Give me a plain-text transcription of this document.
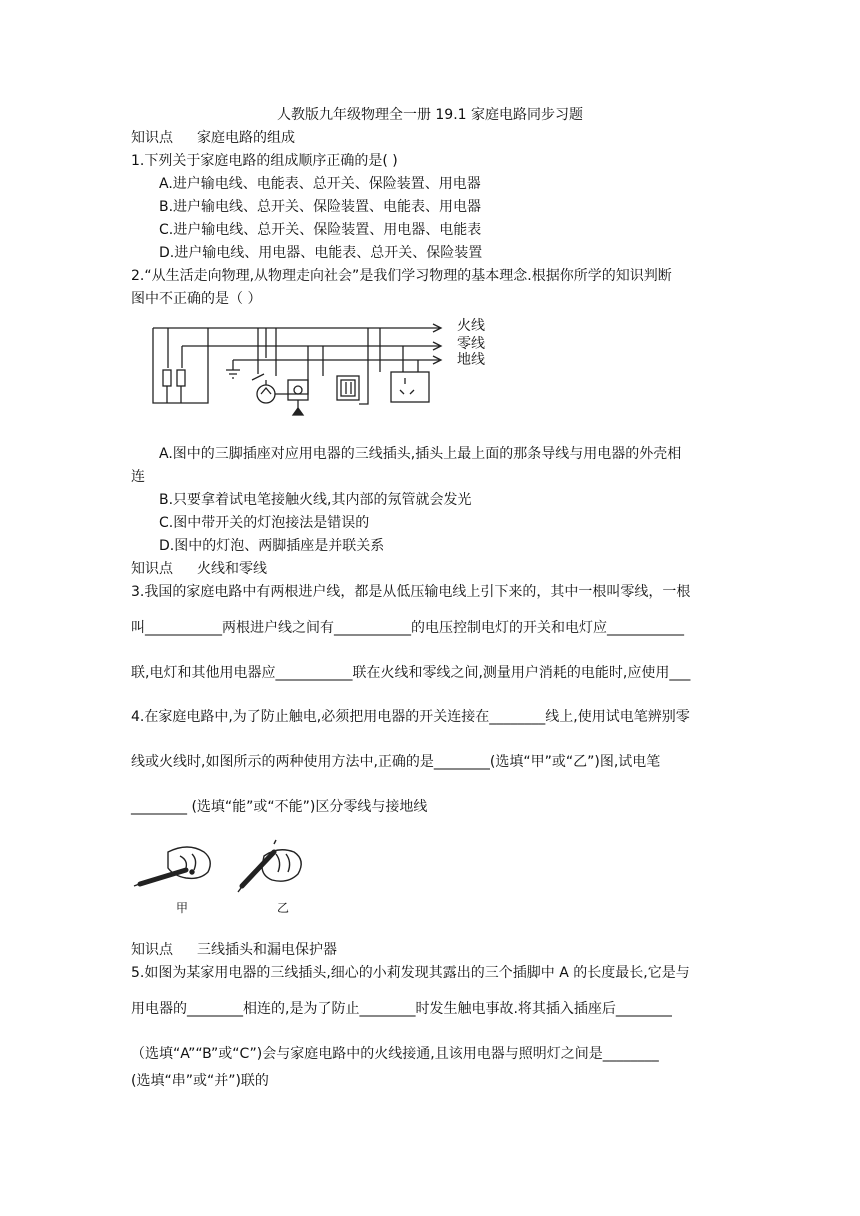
人教版九年级物理全一册 19.1 家庭电路同步习题
知识点 家庭电路的组成
1.下列关于家庭电路的组成顺序正确的是( )
A.进户输电线、电能表、总开关、保险装置、用电器
B.进户输电线、总开关、保险装置、电能表、用电器
C.进户输电线、总开关、保险装置、用电器、电能表
D.进户输电线、用电器、电能表、总开关、保险装置
2.“从生活走向物理,从物理走向社会”是我们学习物理的基本理念.根据你所学的知识判断
图中不正确的是（ ）
火线
零线
地线
A.图中的三脚插座对应用电器的三线插头,插头上最上面的那条导线与用电器的外壳相
连
B.只要拿着试电笔接触火线,其内部的氖管就会发光
C.图中带开关的灯泡接法是错误的
D.图中的灯泡、两脚插座是并联关系
知识点 火线和零线
3.我国的家庭电路中有两根进户线，都是从低压输电线上引下来的，其中一根叫零线，一根
叫___________两根进户线之间有___________的电压控制电灯的开关和电灯应___________
联,电灯和其他用电器应___________联在火线和零线之间,测量用户消耗的电能时,应使用___
4.在家庭电路中,为了防止触电,必须把用电器的开关连接在________线上,使用试电笔辨别零
线或火线时,如图所示的两种使用方法中,正确的是________(选填“甲”或“乙”)图,试电笔
________ (选填“能”或“不能”)区分零线与接地线
甲	乙
知识点 三线插头和漏电保护器
5.如图为某家用电器的三线插头,细心的小莉发现其露出的三个插脚中 A 的长度最长,它是与
用电器的________相连的,是为了防止________时发生触电事故.将其插入插座后________
（选填“A”“B”或“C”)会与家庭电路中的火线接通,且该用电器与照明灯之间是________
(选填“串”或“并”)联的
